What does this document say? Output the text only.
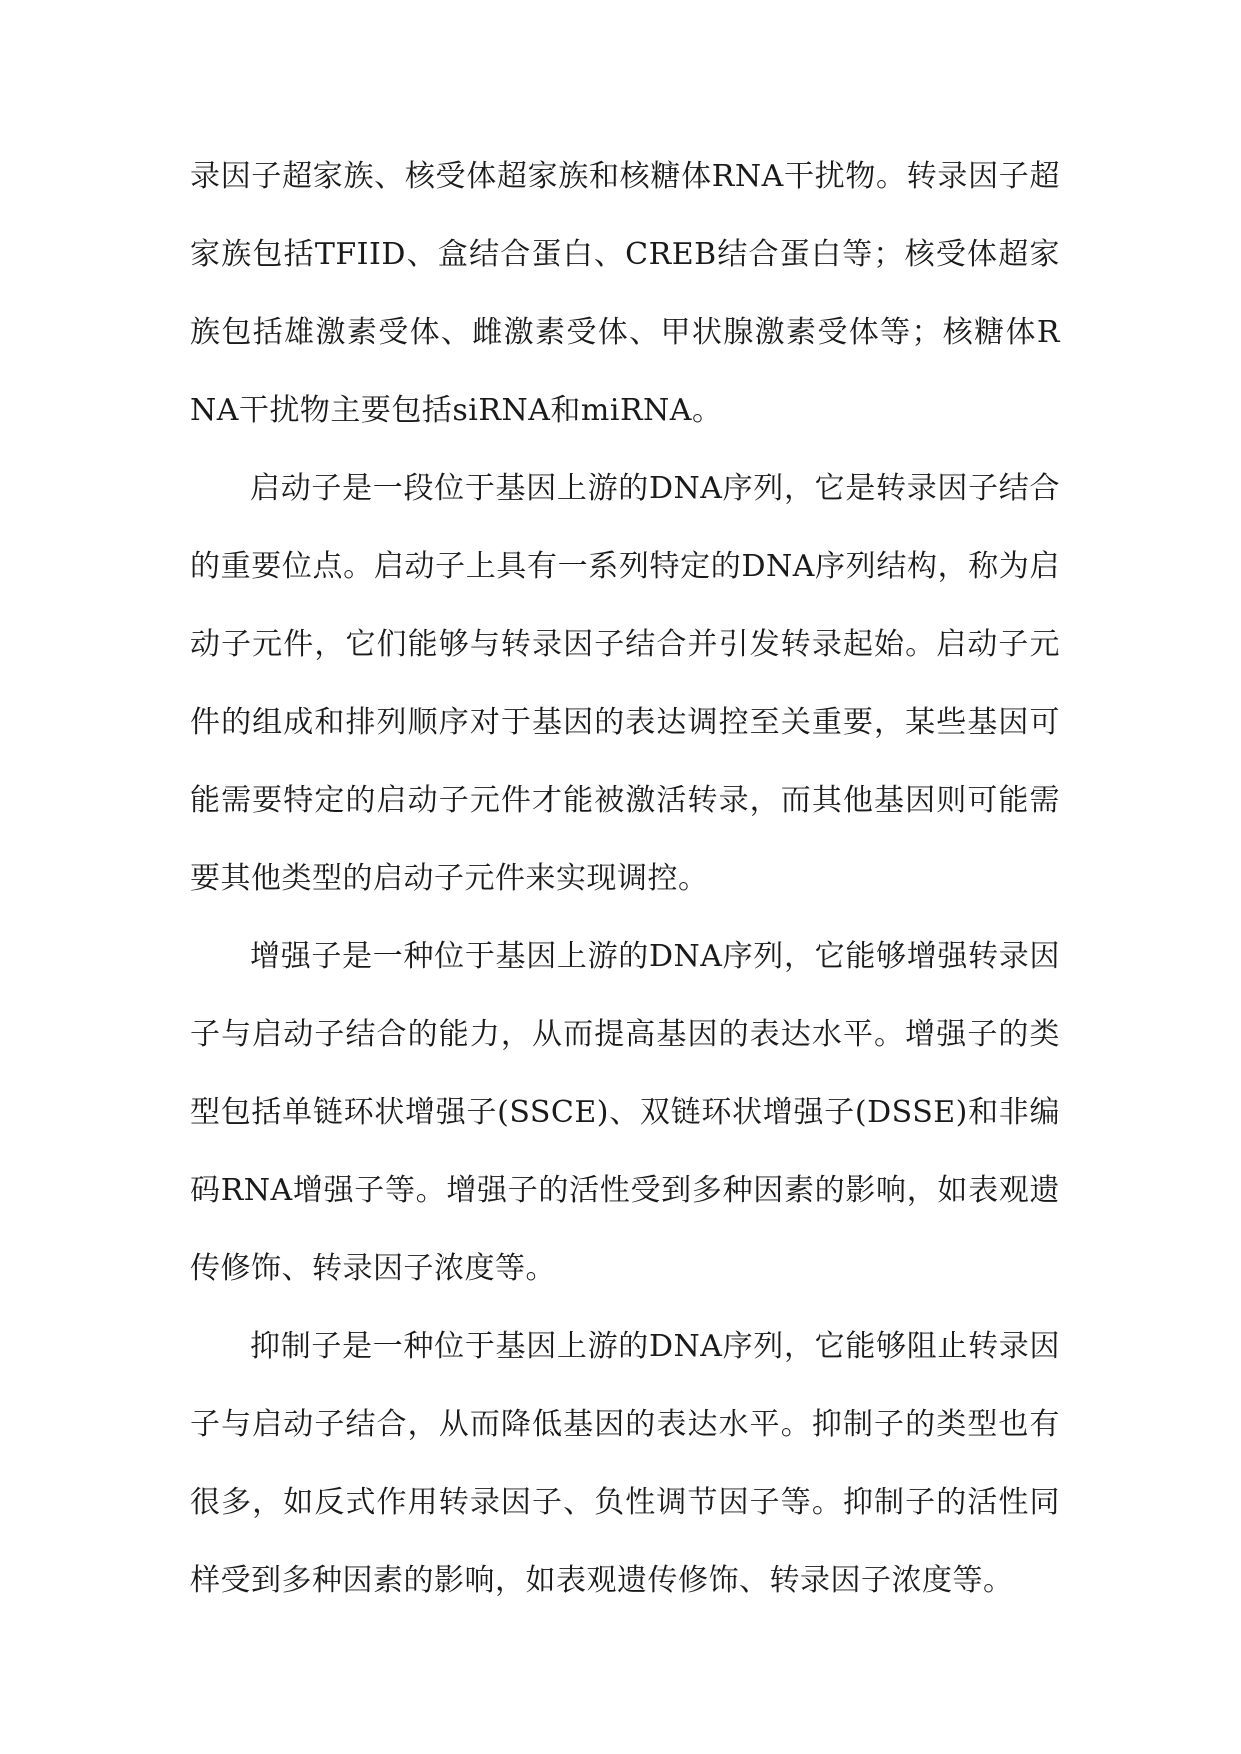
录因子超家族、核受体超家族和核糖体RNA干扰物。转录因子超家族包括TFIID、盒结合蛋白、CREB结合蛋白等；核受体超家族包括雄激素受体、雌激素受体、甲状腺激素受体等；核糖体RNA干扰物主要包括siRNA和miRNA。

启动子是一段位于基因上游的DNA序列，它是转录因子结合的重要位点。启动子上具有一系列特定的DNA序列结构，称为启动子元件，它们能够与转录因子结合并引发转录起始。启动子元件的组成和排列顺序对于基因的表达调控至关重要，某些基因可能需要特定的启动子元件才能被激活转录，而其他基因则可能需要其他类型的启动子元件来实现调控。

增强子是一种位于基因上游的DNA序列，它能够增强转录因子与启动子结合的能力，从而提高基因的表达水平。增强子的类型包括单链环状增强子(SSCE)、双链环状增强子(DSSE)和非编码RNA增强子等。增强子的活性受到多种因素的影响，如表观遗传修饰、转录因子浓度等。

抑制子是一种位于基因上游的DNA序列，它能够阻止转录因子与启动子结合，从而降低基因的表达水平。抑制子的类型也有很多，如反式作用转录因子、负性调节因子等。抑制子的活性同样受到多种因素的影响，如表观遗传修饰、转录因子浓度等。
